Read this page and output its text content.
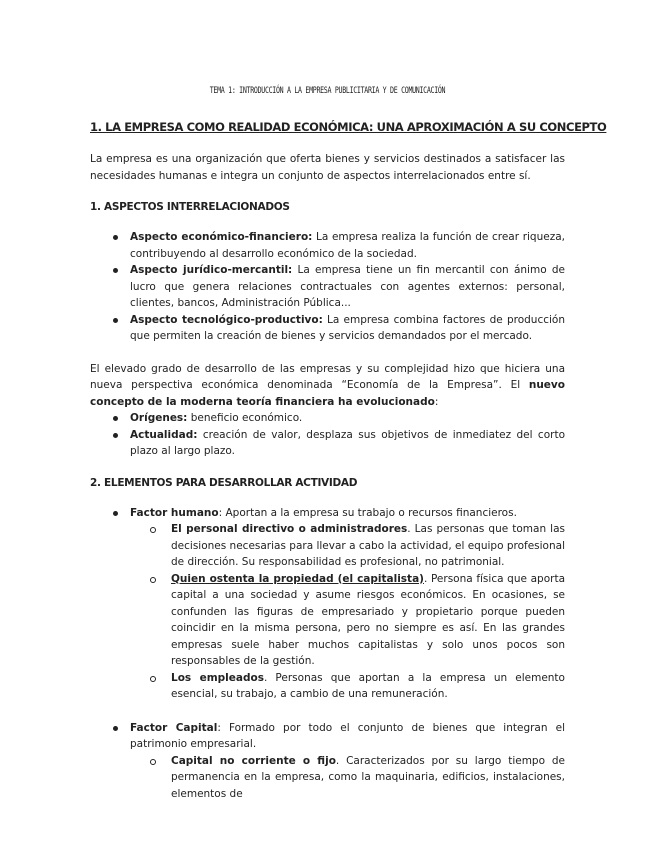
TEMA 1: INTRODUCCIÓN A LA EMPRESA PUBLICITARIA Y DE COMUNICACIÓN
1. LA EMPRESA COMO REALIDAD ECONÓMICA: UNA APROXIMACIÓN A SU CONCEPTO

La empresa es una organización que oferta bienes y servicios destinados a satisfacer las necesidades humanas e integra un conjunto de aspectos interrelacionados entre sí.

1. ASPECTOS INTERRELACIONADOS
Aspecto económico-financiero: La empresa realiza la función de crear riqueza, contribuyendo al desarrollo económico de la sociedad.
Aspecto jurídico-mercantil: La empresa tiene un fin mercantil con ánimo de lucro que genera relaciones contractuales con agentes externos: personal, clientes, bancos, Administración Pública...
Aspecto tecnológico-productivo: La empresa combina factores de producción que permiten la creación de bienes y servicios demandados por el mercado.

El elevado grado de desarrollo de las empresas y su complejidad hizo que hiciera una nueva perspectiva económica denominada “Economía de la Empresa”. El nuevo concepto de la moderna teoría financiera ha evolucionado:

Orígenes: beneficio económico.
Actualidad: creación de valor, desplaza sus objetivos de inmediatez del corto plazo al largo plazo.
2. ELEMENTOS PARA DESARROLLAR ACTIVIDAD
Factor humano: Aportan a la empresa su trabajo o recursos financieros.
El personal directivo o administradores. Las personas que toman las decisiones necesarias para llevar a cabo la actividad, el equipo profesional de dirección. Su responsabilidad es profesional, no patrimonial.
Quien ostenta la propiedad (el capitalista). Persona física que aporta capital a una sociedad y asume riesgos económicos. En ocasiones, se confunden las figuras de empresariado y propietario porque pueden coincidir en la misma persona, pero no siempre es así. En las grandes empresas suele haber muchos capitalistas y solo unos pocos son responsables de la gestión.
Los empleados. Personas que aportan a la empresa un elemento esencial, su trabajo, a cambio de una remuneración.
Factor Capital: Formado por todo el conjunto de bienes que integran el patrimonio empresarial.
Capital no corriente o fijo. Caracterizados por su largo tiempo de permanencia en la empresa, como la maquinaria, edificios, instalaciones, elementos de
